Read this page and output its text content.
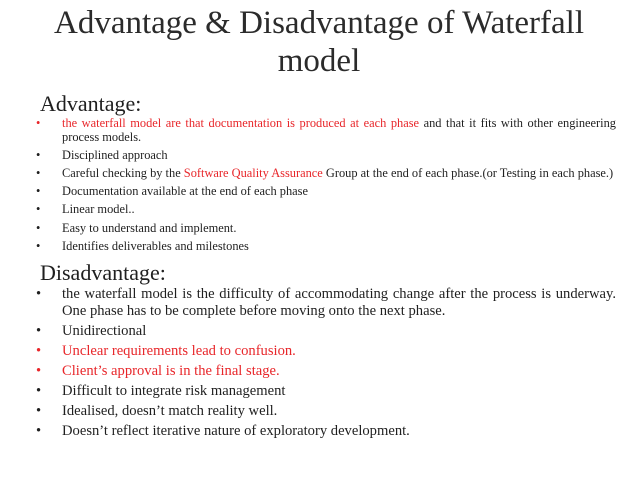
Advantage & Disadvantage of Waterfall model
Advantage:
• the waterfall model are that documentation is produced at each phase and that it fits with other engineering process models.
• Disciplined approach
• Careful checking by the Software Quality Assurance Group at the end of each phase.(or Testing in each phase.)
• Documentation available at the end of each phase
• Linear model..
• Easy to understand and implement.
• Identifies deliverables and milestones
Disadvantage:
• the waterfall model is the difficulty of accommodating change after the process is underway. One phase has to be complete before moving onto the next phase.
• Unidirectional
• Unclear requirements lead to confusion.
• Client’s approval is in the final stage.
• Difficult to integrate risk management
• Idealised, doesn’t match reality well.
• Doesn’t reflect iterative nature of exploratory development.
